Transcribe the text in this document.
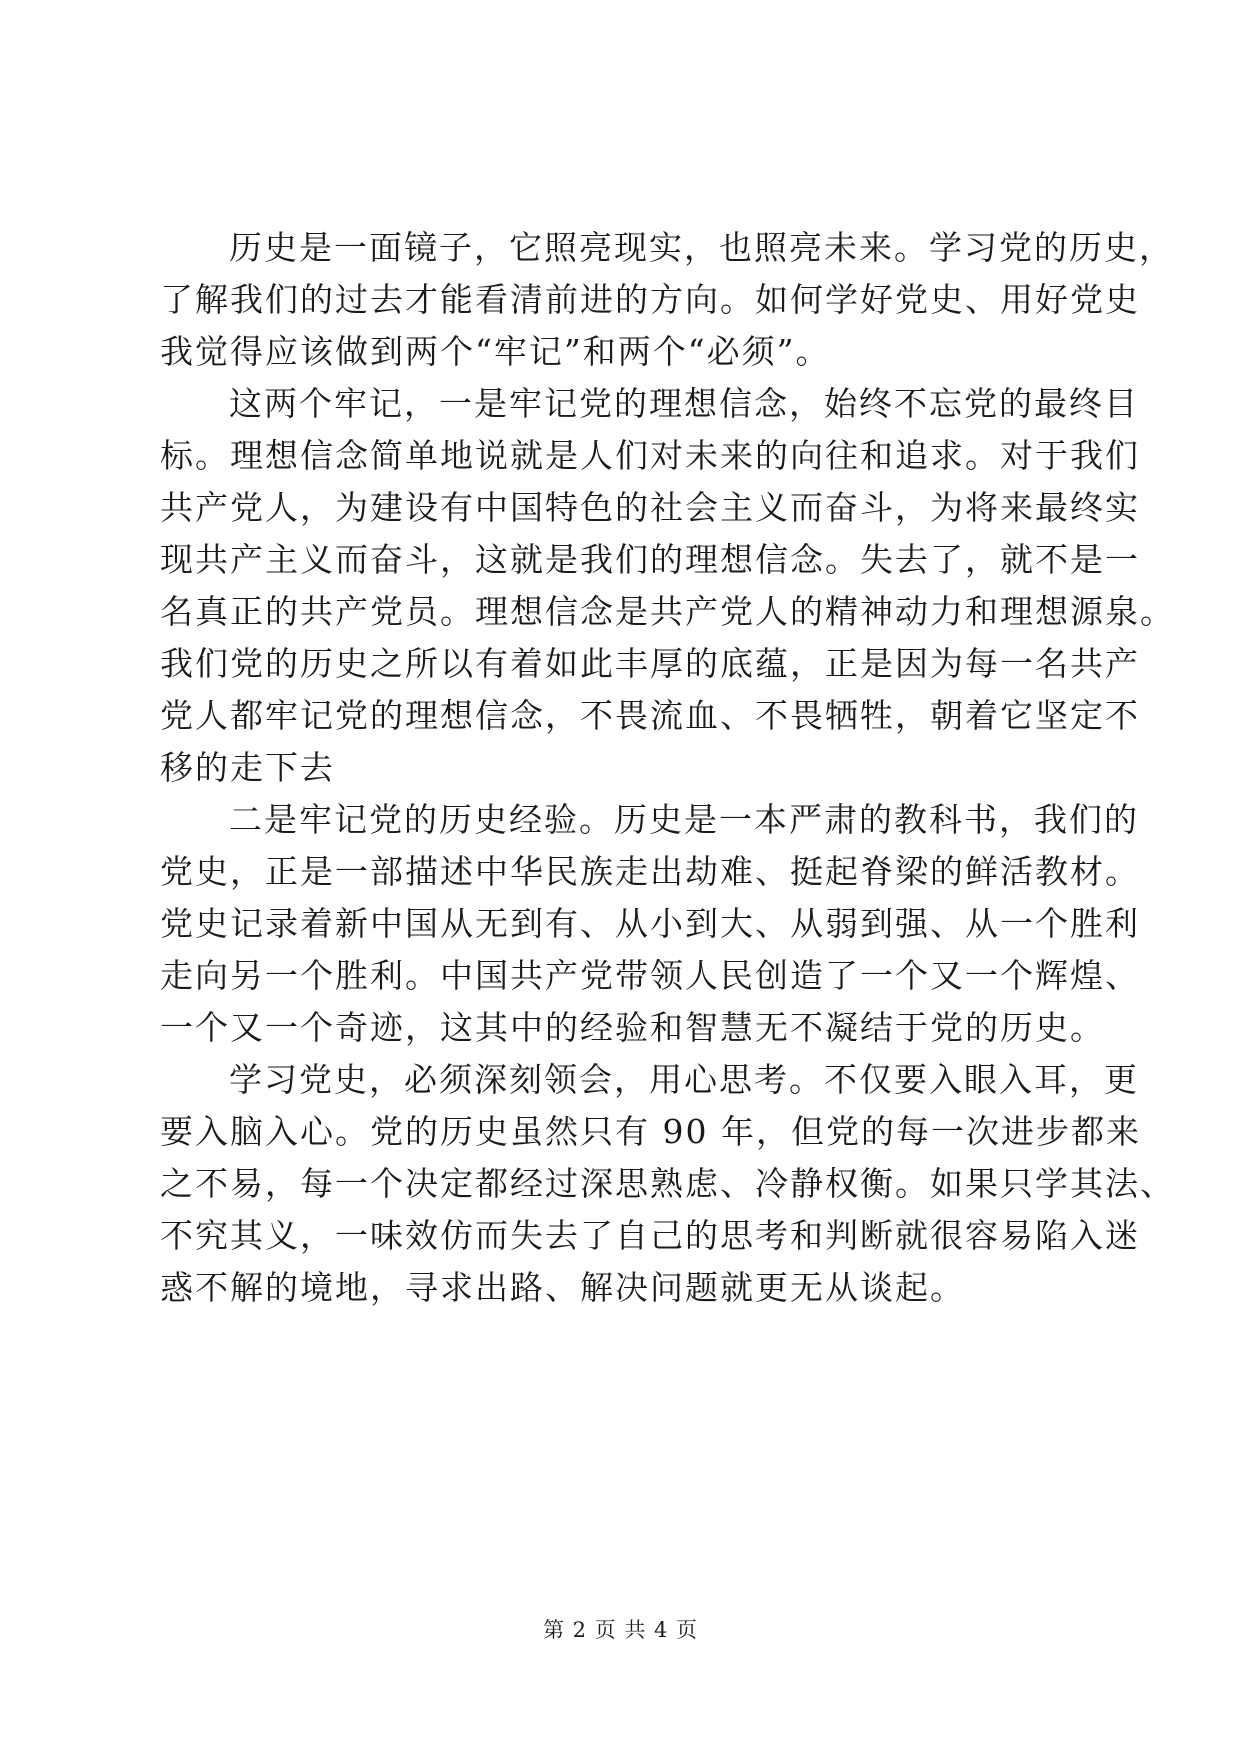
历史是一面镜子，它照亮现实，也照亮未来。学习党的历史，
了解我们的过去才能看清前进的方向。如何学好党史、用好党史
我觉得应该做到两个“牢记”和两个“必须”。
这两个牢记，一是牢记党的理想信念，始终不忘党的最终目
标。理想信念简单地说就是人们对未来的向往和追求。对于我们
共产党人，为建设有中国特色的社会主义而奋斗，为将来最终实
现共产主义而奋斗，这就是我们的理想信念。失去了，就不是一
名真正的共产党员。理想信念是共产党人的精神动力和理想源泉。
我们党的历史之所以有着如此丰厚的底蕴，正是因为每一名共产
党人都牢记党的理想信念，不畏流血、不畏牺牲，朝着它坚定不
移的走下去
二是牢记党的历史经验。历史是一本严肃的教科书，我们的
党史，正是一部描述中华民族走出劫难、挺起脊梁的鲜活教材。
党史记录着新中国从无到有、从小到大、从弱到强、从一个胜利
走向另一个胜利。中国共产党带领人民创造了一个又一个辉煌、
一个又一个奇迹，这其中的经验和智慧无不凝结于党的历史。
学习党史，必须深刻领会，用心思考。不仅要入眼入耳，更
要入脑入心。党的历史虽然只有 90 年，但党的每一次进步都来
之不易，每一个决定都经过深思熟虑、冷静权衡。如果只学其法、
不究其义，一味效仿而失去了自己的思考和判断就很容易陷入迷
惑不解的境地，寻求出路、解决问题就更无从谈起。
第 2 页 共 4 页
